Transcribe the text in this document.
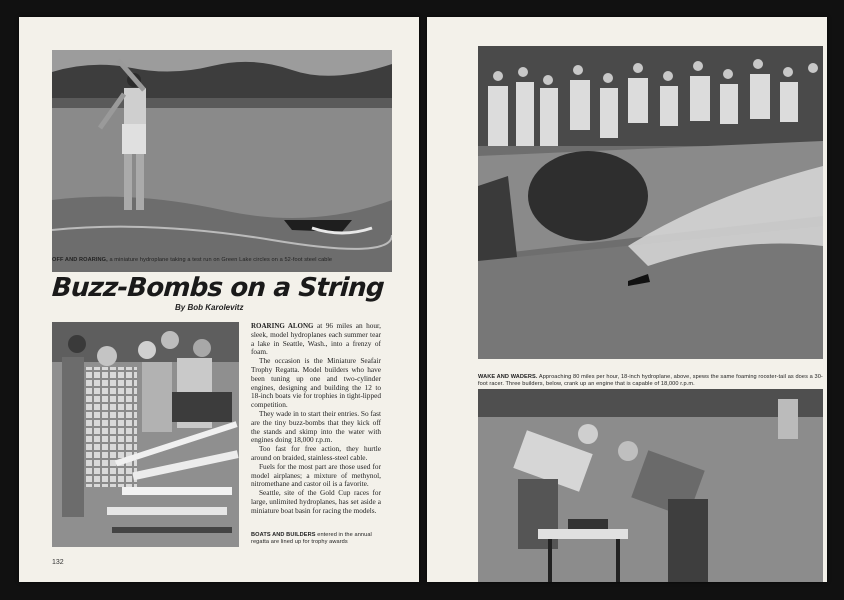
OFF AND ROARING, a miniature hydroplane taking a test run on Green Lake circles on a 52-foot steel cable
Buzz-Bombs on a String
By Bob Karolevitz

ROARING ALONG at 96 miles an hour, sleek, model hydroplanes each summer tear a lake in Seattle, Wash., into a frenzy of foam.

The occasion is the Miniature Seafair Trophy Regatta. Model builders who have been tuning up one and two-cylinder engines, designing and building the 12 to 18-inch boats vie for trophies in tight-lipped competition.

They wade in to start their entries. So fast are the tiny buzz-bombs that they kick off the stands and skimp into the water with engines doing 18,000 r.p.m.

Too fast for free action, they hurtle around on braided, stainless-steel cable.

Fuels for the most part are those used for model airplanes; a mixture of methynol, nitromethane and castor oil is a favorite.

Seattle, site of the Gold Cup races for large, unlimited hydroplanes, has set aside a miniature boat basin for racing the models.

BOATS AND BUILDERS entered in the annual regatta are lined up for trophy awards
132
WAKE AND WADERS. Approaching 80 miles per hour, 18-inch hydroplane, above, spews the same foaming rooster-tail as does a 30-foot racer. Three builders, below, crank up an engine that is capable of 18,000 r.p.m.
